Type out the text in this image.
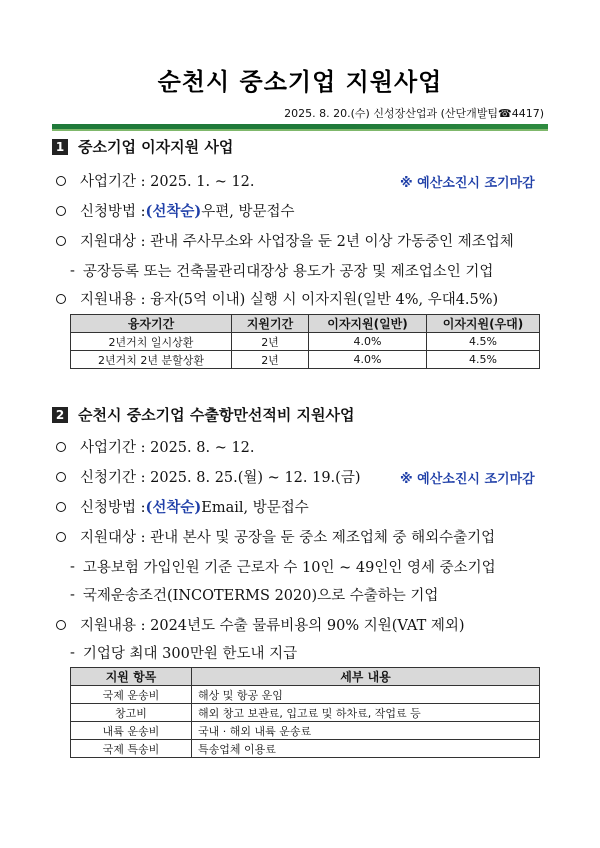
순천시 중소기업 지원사업
2025. 8. 20.(수) 신성장산업과 (산단개발팀☎4417)
1 중소기업 이자지원 사업
사업기간 : 2025. 1. ~ 12.	※ 예산소진시 조기마감
신청방법 : (선착순) 우편, 방문접수
지원대상 : 관내 주사무소와 사업장을 둔 2년 이상 가동중인 제조업체
- 공장등록 또는 건축물관리대장상 용도가 공장 및 제조업소인 기업
지원내용 : 융자(5억 이내) 실행 시 이자지원(일반 4%, 우대4.5%)
융자기간	지원기간	이자지원(일반)	이자지원(우대)
2년거치 일시상환	2년	4.0%	4.5%
2년거치 2년 분할상환	2년	4.0%	4.5%
2 순천시 중소기업 수출항만선적비 지원사업
사업기간 : 2025. 8. ~ 12.
신청기간 : 2025. 8. 25.(월) ~ 12. 19.(금)	※ 예산소진시 조기마감
신청방법 : (선착순) Email, 방문접수
지원대상 : 관내 본사 및 공장을 둔 중소 제조업체 중 해외수출기업
- 고용보험 가입인원 기준 근로자 수 10인 ~ 49인인 영세 중소기업
- 국제운송조건(INCOTERMS 2020)으로 수출하는 기업
지원내용 : 2024년도 수출 물류비용의 90% 지원(VAT 제외)
- 기업당 최대 300만원 한도내 지급
지원 항목	세부 내용
국제 운송비	해상 및 항공 운임
창고비	해외 창고 보관료, 입고료 및 하차료, 작업료 등
내륙 운송비	국내 · 해외 내륙 운송료
국제 특송비	특송업체 이용료
